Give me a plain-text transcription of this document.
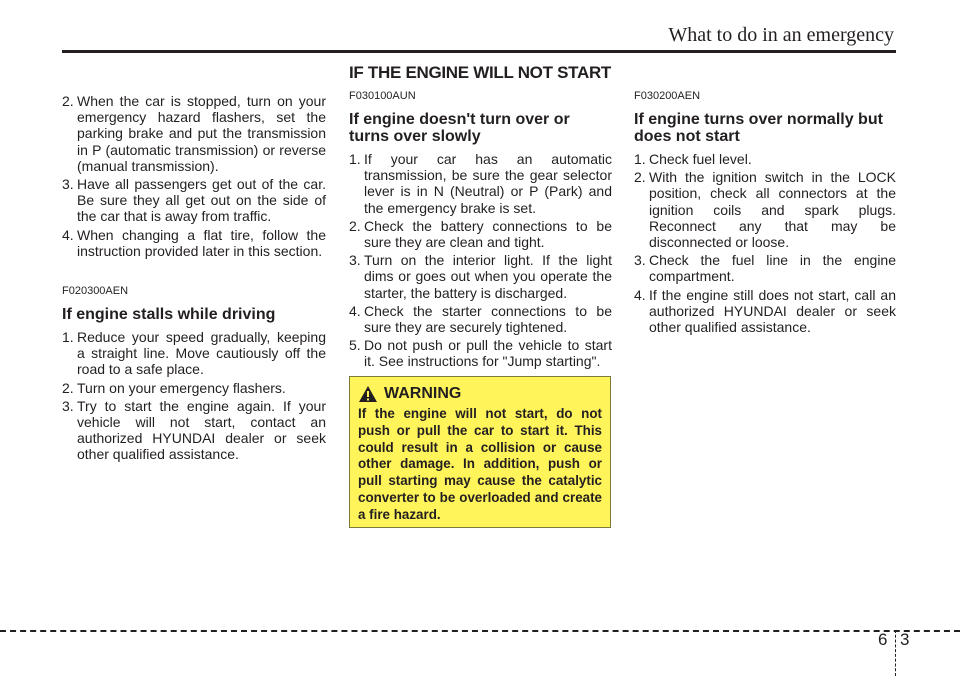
What to do in an emergency
IF THE ENGINE WILL NOT START
2. When the car is stopped, turn on your emergency hazard flashers, set the parking brake and put the transmission in P (automatic transmission) or reverse (manual transmission).
3. Have all passengers get out of the car. Be sure they all get out on the side of the car that is away from traffic.
4. When changing a flat tire, follow the instruction provided later in this section.

F020300AEN

If engine stalls while driving
1. Reduce your speed gradually, keeping a straight line. Move cautiously off the road to a safe place.
2. Turn on your emergency flashers.
3. Try to start the engine again. If your vehicle will not start, contact an authorized HYUNDAI dealer or seek other qualified assistance.

F030100AUN

If engine doesn't turn over or turns over slowly
1. If your car has an automatic transmission, be sure the gear selector lever is in N (Neutral) or P (Park) and the emergency brake is set.
2. Check the battery connections to be sure they are clean and tight.
3. Turn on the interior light. If the light dims or goes out when you operate the starter, the battery is discharged.
4. Check the starter connections to be sure they are securely tightened.
5. Do not push or pull the vehicle to start it. See instructions for "Jump starting".
WARNING
If the engine will not start, do not push or pull the car to start it. This could result in a collision or cause other damage. In addition, push or pull starting may cause the catalytic converter to be overloaded and create a fire hazard.

F030200AEN

If engine turns over normally but does not start
1. Check fuel level.
2. With the ignition switch in the LOCK position, check all connectors at the ignition coils and spark plugs. Reconnect any that may be disconnected or loose.
3. Check the fuel line in the engine compartment.
4. If the engine still does not start, call an authorized HYUNDAI dealer or seek other qualified assistance.
6 3
